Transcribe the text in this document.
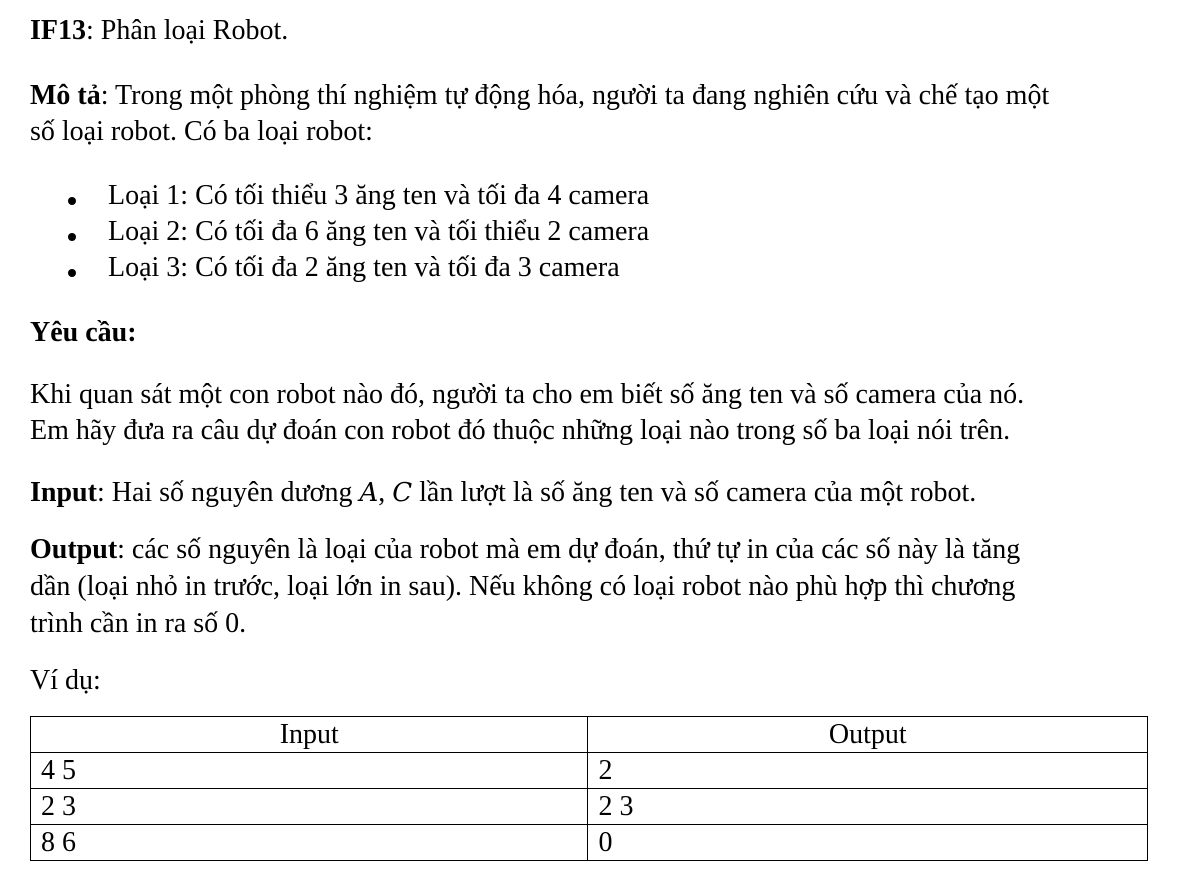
IF13: Phân loại Robot.
Mô tả: Trong một phòng thí nghiệm tự động hóa, người ta đang nghiên cứu và chế tạo một
số loại robot. Có ba loại robot:
Loại 1: Có tối thiểu 3 ăng ten và tối đa 4 camera
Loại 2: Có tối đa 6 ăng ten và tối thiểu 2 camera
Loại 3: Có tối đa 2 ăng ten và tối đa 3 camera
Yêu cầu:
Khi quan sát một con robot nào đó, người ta cho em biết số ăng ten và số camera của nó.
Em hãy đưa ra câu dự đoán con robot đó thuộc những loại nào trong số ba loại nói trên.
Input: Hai số nguyên dương A, C lần lượt là số ăng ten và số camera của một robot.
Output: các số nguyên là loại của robot mà em dự đoán, thứ tự in của các số này là tăng
dần (loại nhỏ in trước, loại lớn in sau). Nếu không có loại robot nào phù hợp thì chương
trình cần in ra số 0.
Ví dụ:
Input	Output
4 5	2
2 3	2 3
8 6	0
